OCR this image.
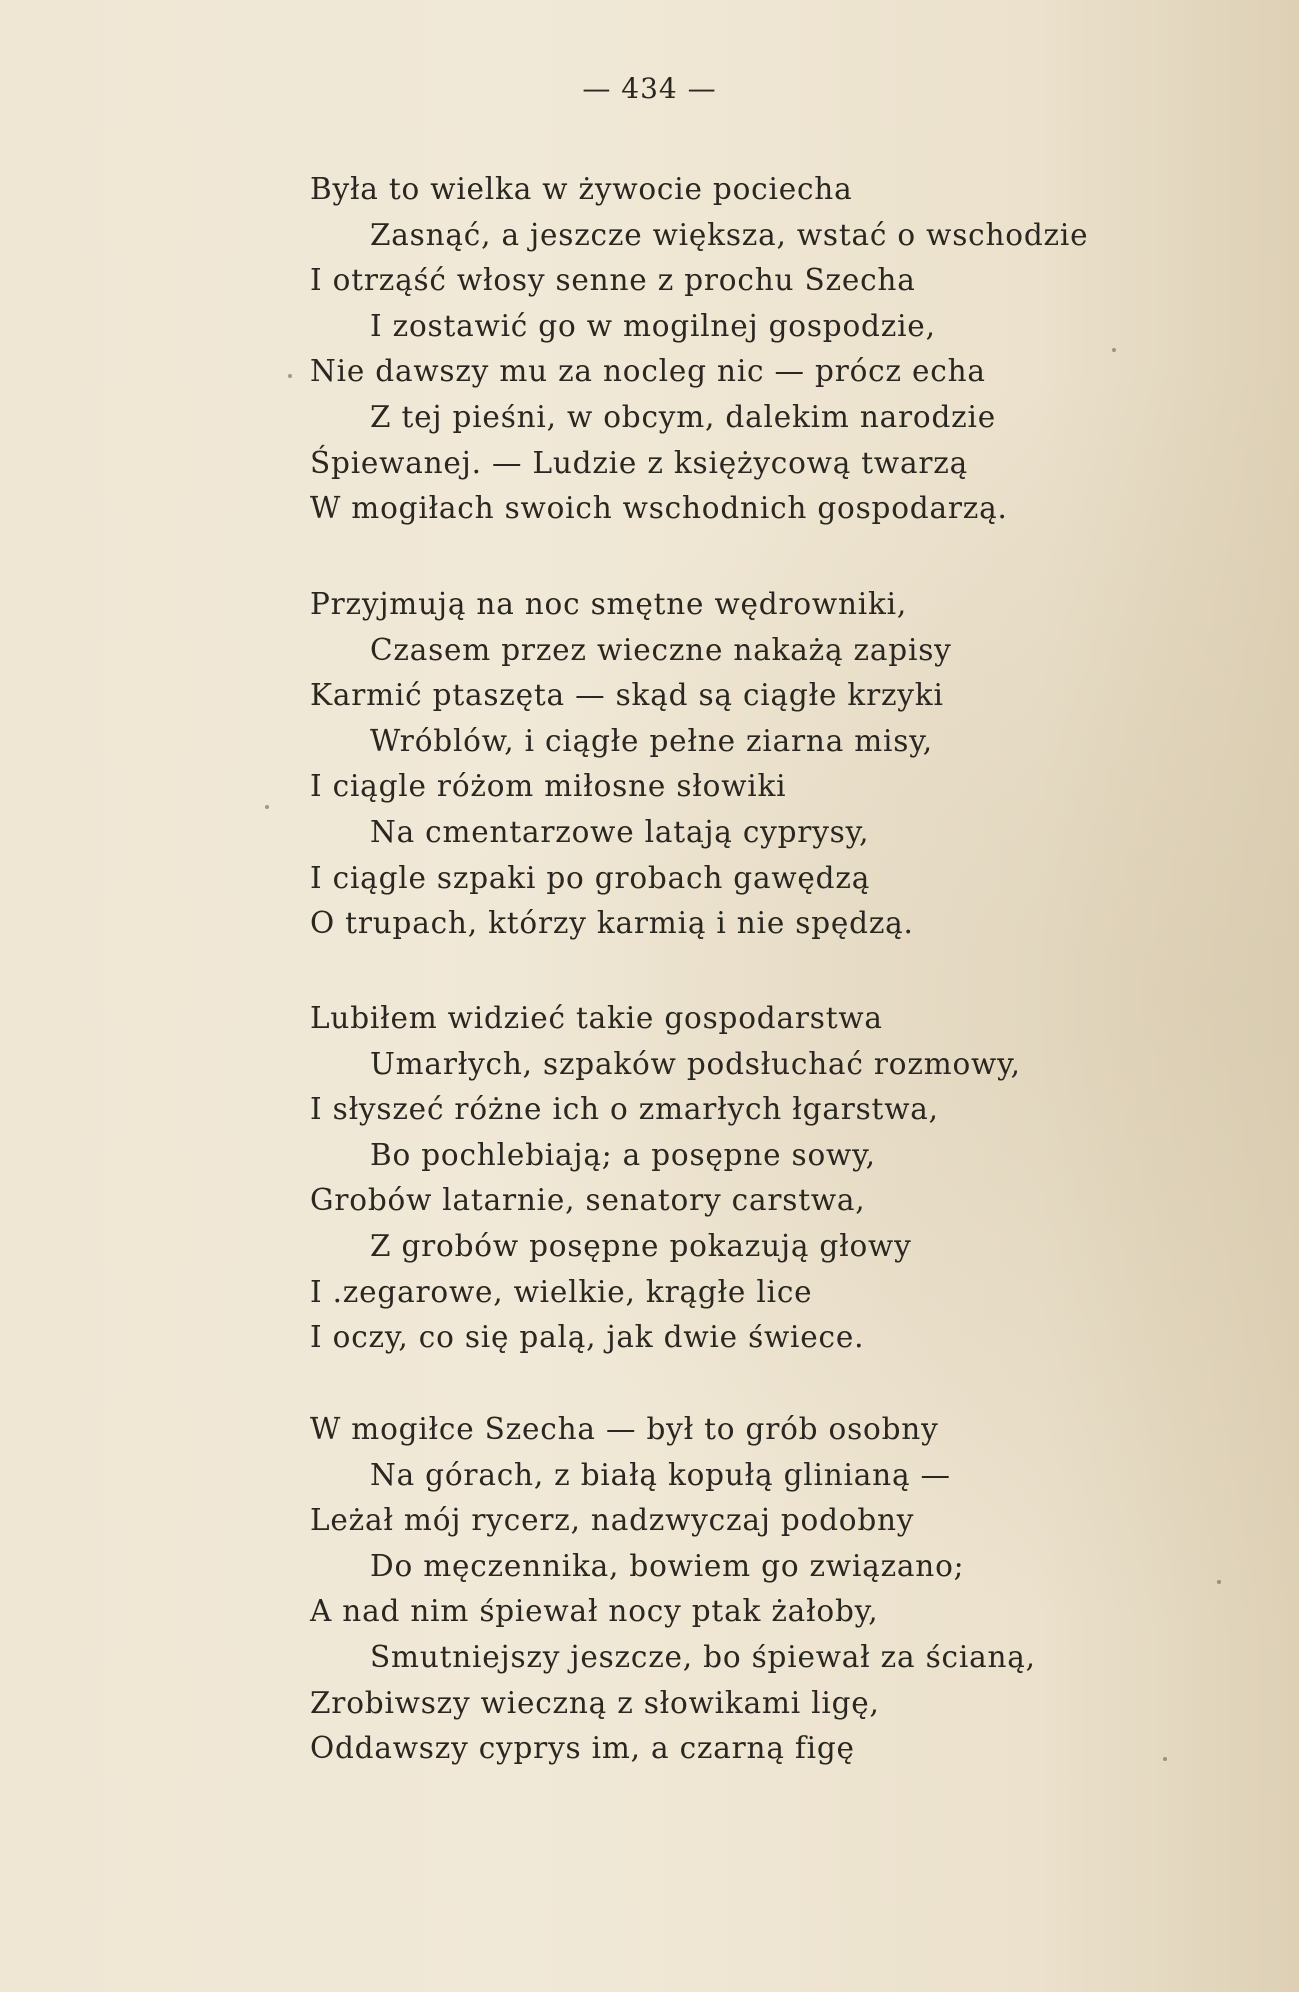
— 434 —
Była to wielka w żywocie pociecha
Zasnąć, a jeszcze większa, wstać o wschodzie
I otrząść włosy senne z prochu Szecha
I zostawić go w mogilnej gospodzie,
Nie dawszy mu za nocleg nic — prócz echa
Z tej pieśni, w obcym, dalekim narodzie
Śpiewanej. — Ludzie z księżycową twarzą
W mogiłach swoich wschodnich gospodarzą.
Przyjmują na noc smętne wędrowniki,
Czasem przez wieczne nakażą zapisy
Karmić ptaszęta — skąd są ciągłe krzyki
Wróblów, i ciągłe pełne ziarna misy,
I ciągle różom miłosne słowiki
Na cmentarzowe latają cyprysy,
I ciągle szpaki po grobach gawędzą
O trupach, którzy karmią i nie spędzą.
Lubiłem widzieć takie gospodarstwa
Umarłych, szpaków podsłuchać rozmowy,
I słyszeć różne ich o zmarłych łgarstwa,
Bo pochlebiają; a posępne sowy,
Grobów latarnie, senatory carstwa,
Z grobów posępne pokazują głowy
I .zegarowe, wielkie, krągłe lice
I oczy, co się palą, jak dwie świece.
W mogiłce Szecha — był to grób osobny
Na górach, z białą kopułą glinianą —
Leżał mój rycerz, nadzwyczaj podobny
Do męczennika, bowiem go związano;
A nad nim śpiewał nocy ptak żałoby,
Smutniejszy jeszcze, bo śpiewał za ścianą,
Zrobiwszy wieczną z słowikami ligę,
Oddawszy cyprys im, a czarną figę
